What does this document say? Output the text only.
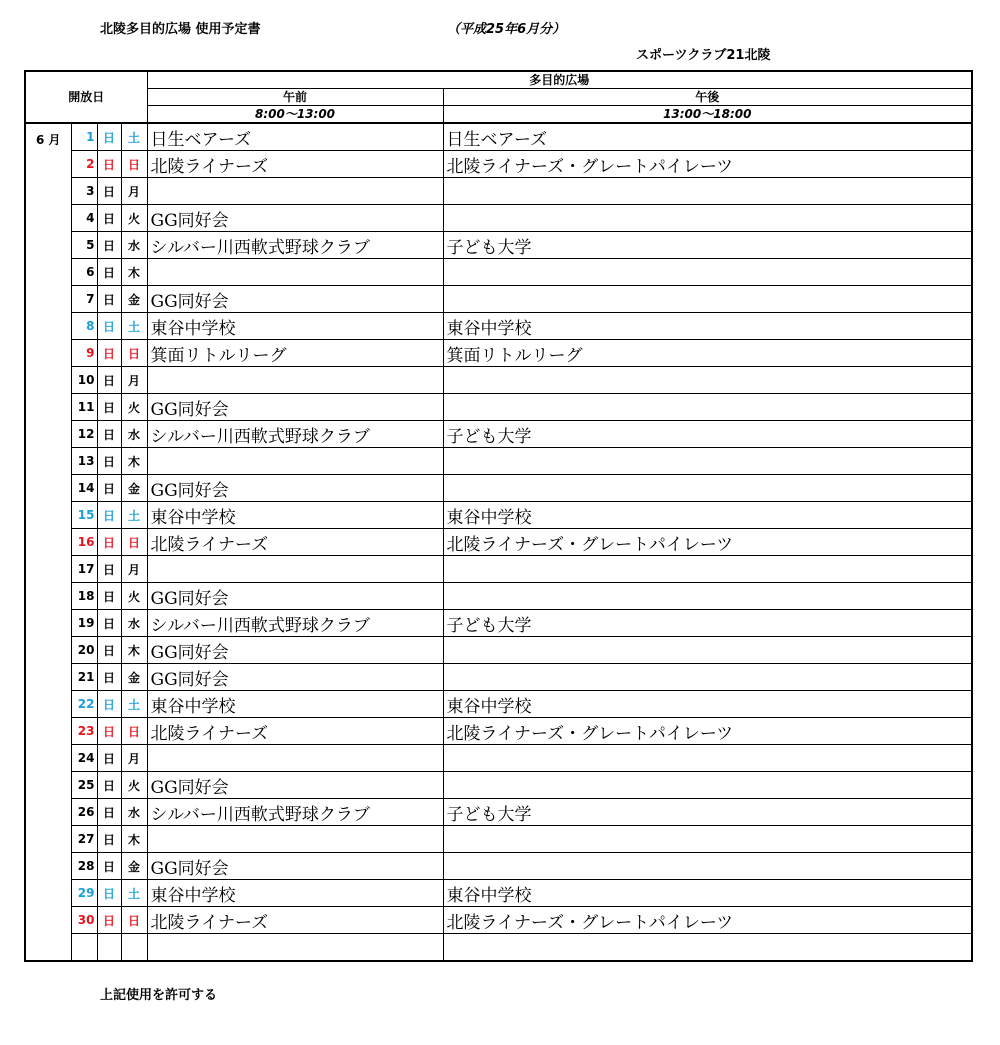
北陵多目的広場 使用予定書	（平成25年6月分）
スポーツクラブ21北陵
開放日				多目的広場	
				午前	午後
				8:00～13:00	13:00～18:00
6 月	1	日	土	日生ベアーズ	日生ベアーズ
	2	日	日	北陵ライナーズ	北陵ライナーズ・グレートパイレーツ
	3	日	月		
	4	日	火	GG同好会	
	5	日	水	シルバー川西軟式野球クラブ	子ども大学
	6	日	木		
	7	日	金	GG同好会	
	8	日	土	東谷中学校	東谷中学校
	9	日	日	箕面リトルリーグ	箕面リトルリーグ
	10	日	月		
	11	日	火	GG同好会	
	12	日	水	シルバー川西軟式野球クラブ	子ども大学
	13	日	木		
	14	日	金	GG同好会	
	15	日	土	東谷中学校	東谷中学校
	16	日	日	北陵ライナーズ	北陵ライナーズ・グレートパイレーツ
	17	日	月		
	18	日	火	GG同好会	
	19	日	水	シルバー川西軟式野球クラブ	子ども大学
	20	日	木	GG同好会	
	21	日	金	GG同好会	
	22	日	土	東谷中学校	東谷中学校
	23	日	日	北陵ライナーズ	北陵ライナーズ・グレートパイレーツ
	24	日	月		
	25	日	火	GG同好会	
	26	日	水	シルバー川西軟式野球クラブ	子ども大学
	27	日	木		
	28	日	金	GG同好会	
	29	日	土	東谷中学校	東谷中学校
	30	日	日	北陵ライナーズ	北陵ライナーズ・グレートパイレーツ

上記使用を許可する
